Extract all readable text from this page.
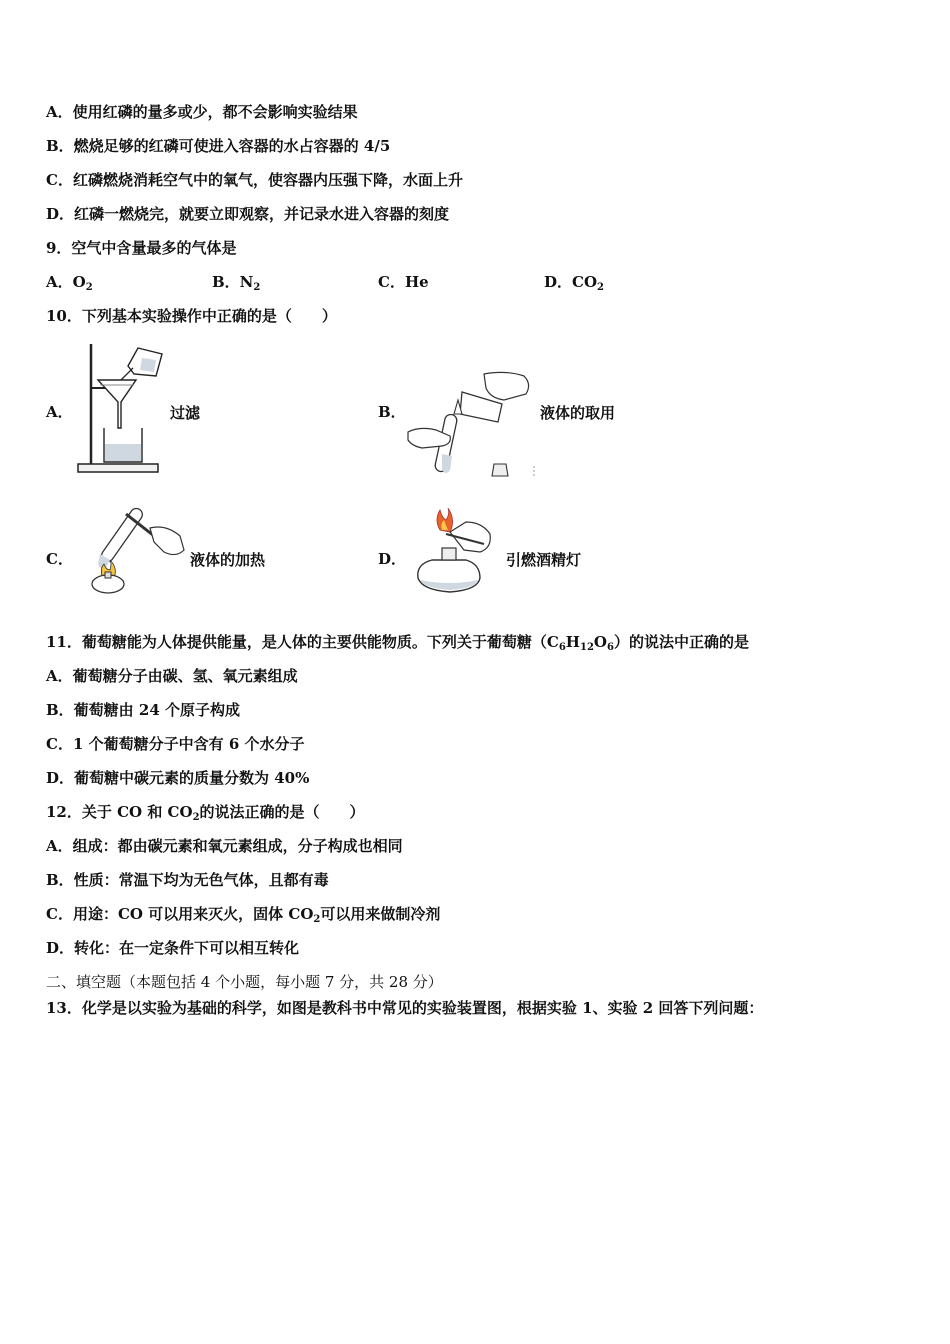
A．使用红磷的量多或少，都不会影响实验结果
B．燃烧足够的红磷可使进入容器的水占容器的 4/5
C．红磷燃烧消耗空气中的氧气，使容器内压强下降，水面上升
D．红磷一燃烧完，就要立即观察，并记录水进入容器的刻度
9．空气中含量最多的气体是
A．$O_2$	B．$N_2$	C．He	D．$CO_2$
10．下列基本实验操作中正确的是（　　）
A．	过滤	B．	液体的取用
C．	液体的加热	D．	引燃酒精灯
11．葡萄糖能为人体提供能量，是人体的主要供能物质。下列关于葡萄糖$(C_6H_{12}O_6)$的说法中正确的是
A．葡萄糖分子由碳、氢、氧元素组成
B．葡萄糖由 24 个原子构成
C．1 个葡萄糖分子中含有 6 个水分子
D．葡萄糖中碳元素的质量分数为 40%
12．关于 CO 和 $CO_2$的说法正确的是（　　）
A．组成：都由碳元素和氧元素组成，分子构成也相同
B．性质：常温下均为无色气体，且都有毒
C．用途：CO 可以用来灭火，固体 $CO_2$可以用来做制冷剂
D．转化：在一定条件下可以相互转化
二、填空题（本题包括 4 个小题，每小题 7 分，共 28 分）
13．化学是以实验为基础的科学，如图是教科书中常见的实验装置图，根据实验 1、实验 2 回答下列问题：
